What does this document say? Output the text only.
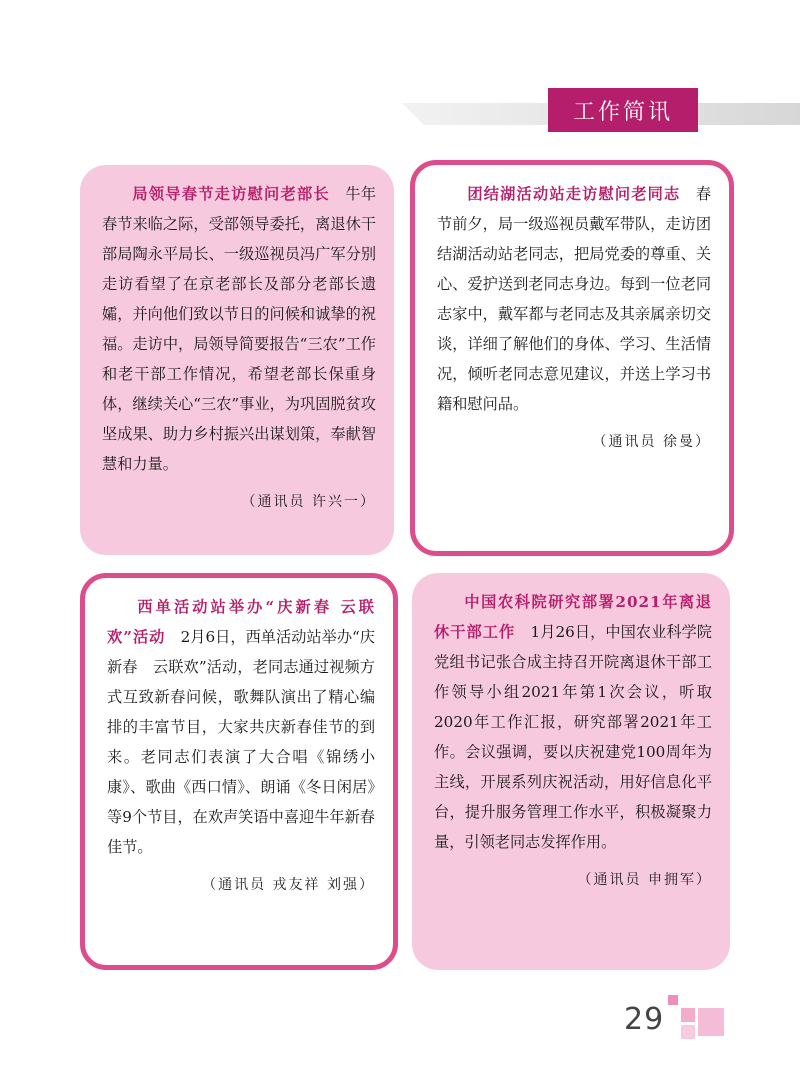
工作简讯

局领导春节走访慰问老部长　 牛年春节来临之际，受部领导委托，离退休干部局陶永平局长、一级巡视员冯广军分别走访看望了在京老部长及部分老部长遗孀，并向他们致以节日的问候和诚挚的祝福。走访中，局领导简要报告“三农”工作和老干部工作情况，希望老部长保重身体，继续关心“三农”事业，为巩固脱贫攻坚成果、助力乡村振兴出谋划策，奉献智慧和力量。

（通讯员 许兴一）

团结湖活动站走访慰问老同志　 春节前夕，局一级巡视员戴军带队，走访团结湖活动站老同志，把局党委的尊重、关心、爱护送到老同志身边。每到一位老同志家中，戴军都与老同志及其亲属亲切交谈，详细了解他们的身体、学习、生活情况，倾听老同志意见建议，并送上学习书籍和慰问品。

（通讯员 徐曼）

西单活动站举办“庆新春 云联欢”活动　 2月6日，西单活动站举办“庆新春　云联欢”活动，老同志通过视频方式互致新春问候，歌舞队演出了精心编排的丰富节目，大家共庆新春佳节的到来。老同志们表演了大合唱《锦绣小康》、歌曲《西口情》、朗诵《冬日闲居》等9个节目，在欢声笑语中喜迎牛年新春佳节。

（通讯员 戎友祥 刘强）

中国农科院研究部署2021年离退休干部工作　 1月26日，中国农业科学院党组书记张合成主持召开院离退休干部工作领导小组2021年第1次会议，听取2020年工作汇报，研究部署2021年工作。会议强调，要以庆祝建党100周年为主线，开展系列庆祝活动，用好信息化平台，提升服务管理工作水平，积极凝聚力量，引领老同志发挥作用。

（通讯员 申拥军）
29
